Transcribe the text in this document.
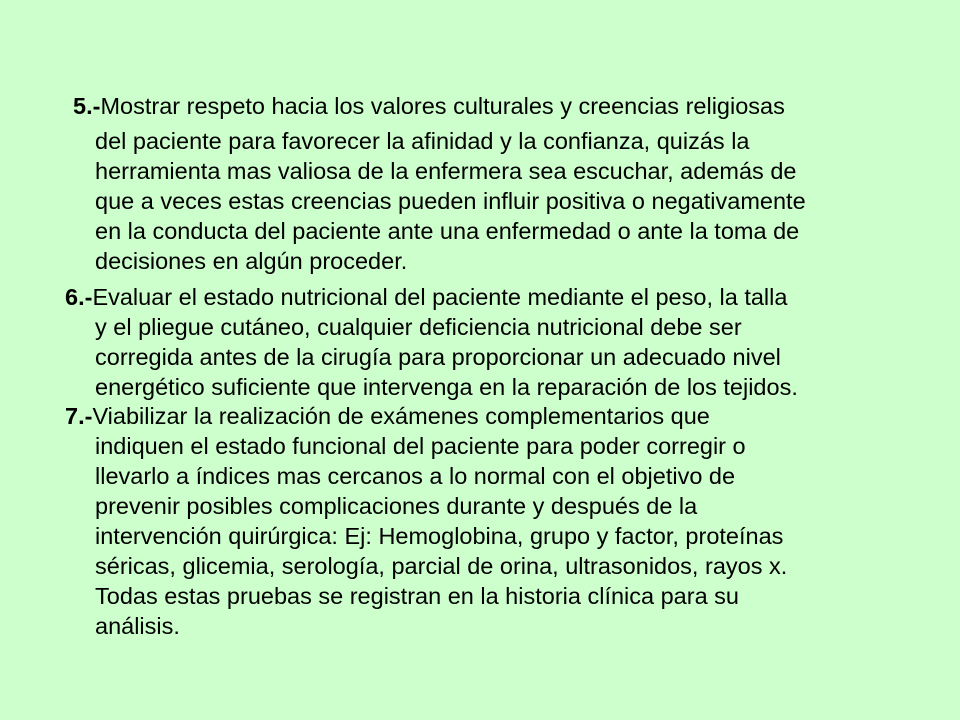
5.-Mostrar respeto hacia los valores culturales y creencias religiosas
del paciente para favorecer la afinidad y la confianza, quizás la
herramienta mas valiosa de la enfermera sea escuchar, además de
que a veces estas creencias pueden influir positiva o negativamente
en la conducta del paciente ante una enfermedad o ante la toma de
decisiones en algún proceder.

6.-Evaluar el estado nutricional del paciente mediante el peso, la talla
y el pliegue cutáneo, cualquier deficiencia nutricional debe ser
corregida antes de la cirugía para proporcionar un adecuado nivel
energético suficiente que intervenga en la reparación de los tejidos.

7.-Viabilizar la realización de exámenes complementarios que
indiquen el estado funcional del paciente para poder corregir o
llevarlo a índices mas cercanos a lo normal con el objetivo de
prevenir posibles complicaciones durante y después de la
intervención quirúrgica: Ej: Hemoglobina, grupo y factor, proteínas
séricas, glicemia, serología, parcial de orina, ultrasonidos, rayos x.
Todas estas pruebas se registran en la historia clínica para su
análisis.
